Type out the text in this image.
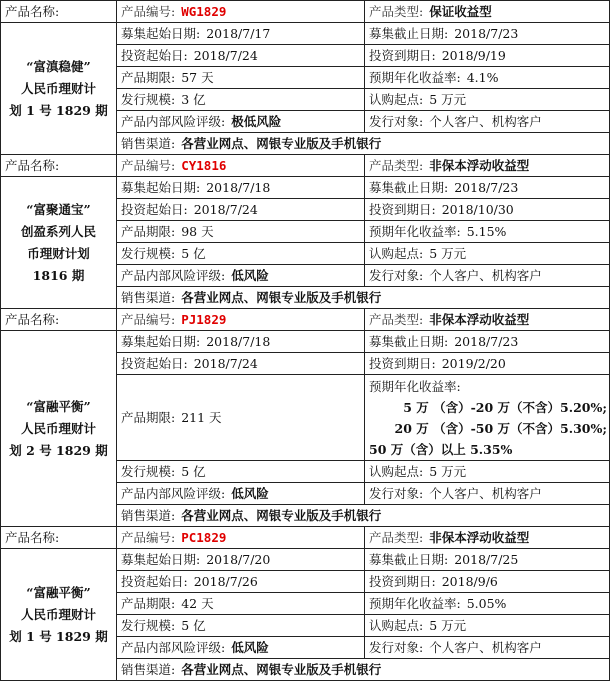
产品名称:	产品编号: WG1829	产品类型: 保证收益型

“富滇稳健”
人民币理财计
划 1 号 1829 期	募集起始日期: 2018/7/17	募集截止日期: 2018/7/23
	投资起始日: 2018/7/24	投资到期日: 2018/9/19
	产品期限: 57 天	预期年化收益率: 4.1%
	发行规模: 3 亿	认购起点: 5 万元
	产品内部风险评级: 极低风险	发行对象: 个人客户、机构客户
	销售渠道: 各营业网点、网银专业版及手机银行	
产品名称:	产品编号: CY1816	产品类型: 非保本浮动收益型

“富聚通宝”
创盈系列人民
币理财计划
1816 期	募集起始日期: 2018/7/18	募集截止日期: 2018/7/23
	投资起始日: 2018/7/24	投资到期日: 2018/10/30
	产品期限: 98 天	预期年化收益率: 5.15%
	发行规模: 5 亿	认购起点: 5 万元
	产品内部风险评级: 低风险	发行对象: 个人客户、机构客户
	销售渠道: 各营业网点、网银专业版及手机银行	
产品名称:	产品编号: PJ1829	产品类型: 非保本浮动收益型

“富融平衡”
人民币理财计
划 2 号 1829 期	募集起始日期: 2018/7/18	募集截止日期: 2018/7/23
	投资起始日: 2018/7/24	投资到期日: 2019/2/20
	产品期限: 211 天	预期年化收益率:
5 万 （含）-20 万（不含）5.20%;
20 万 （含）-50 万（不含）5.30%;
50 万（含）以上 5.35%

	发行规模: 5 亿	认购起点: 5 万元
	产品内部风险评级: 低风险	发行对象: 个人客户、机构客户
	销售渠道: 各营业网点、网银专业版及手机银行	
产品名称:	产品编号: PC1829	产品类型: 非保本浮动收益型

“富融平衡”
人民币理财计
划 1 号 1829 期	募集起始日期: 2018/7/20	募集截止日期: 2018/7/25
	投资起始日: 2018/7/26	投资到期日: 2018/9/6
	产品期限: 42 天	预期年化收益率: 5.05%
	发行规模: 5 亿	认购起点: 5 万元
	产品内部风险评级: 低风险	发行对象: 个人客户、机构客户
	销售渠道: 各营业网点、网银专业版及手机银行	
